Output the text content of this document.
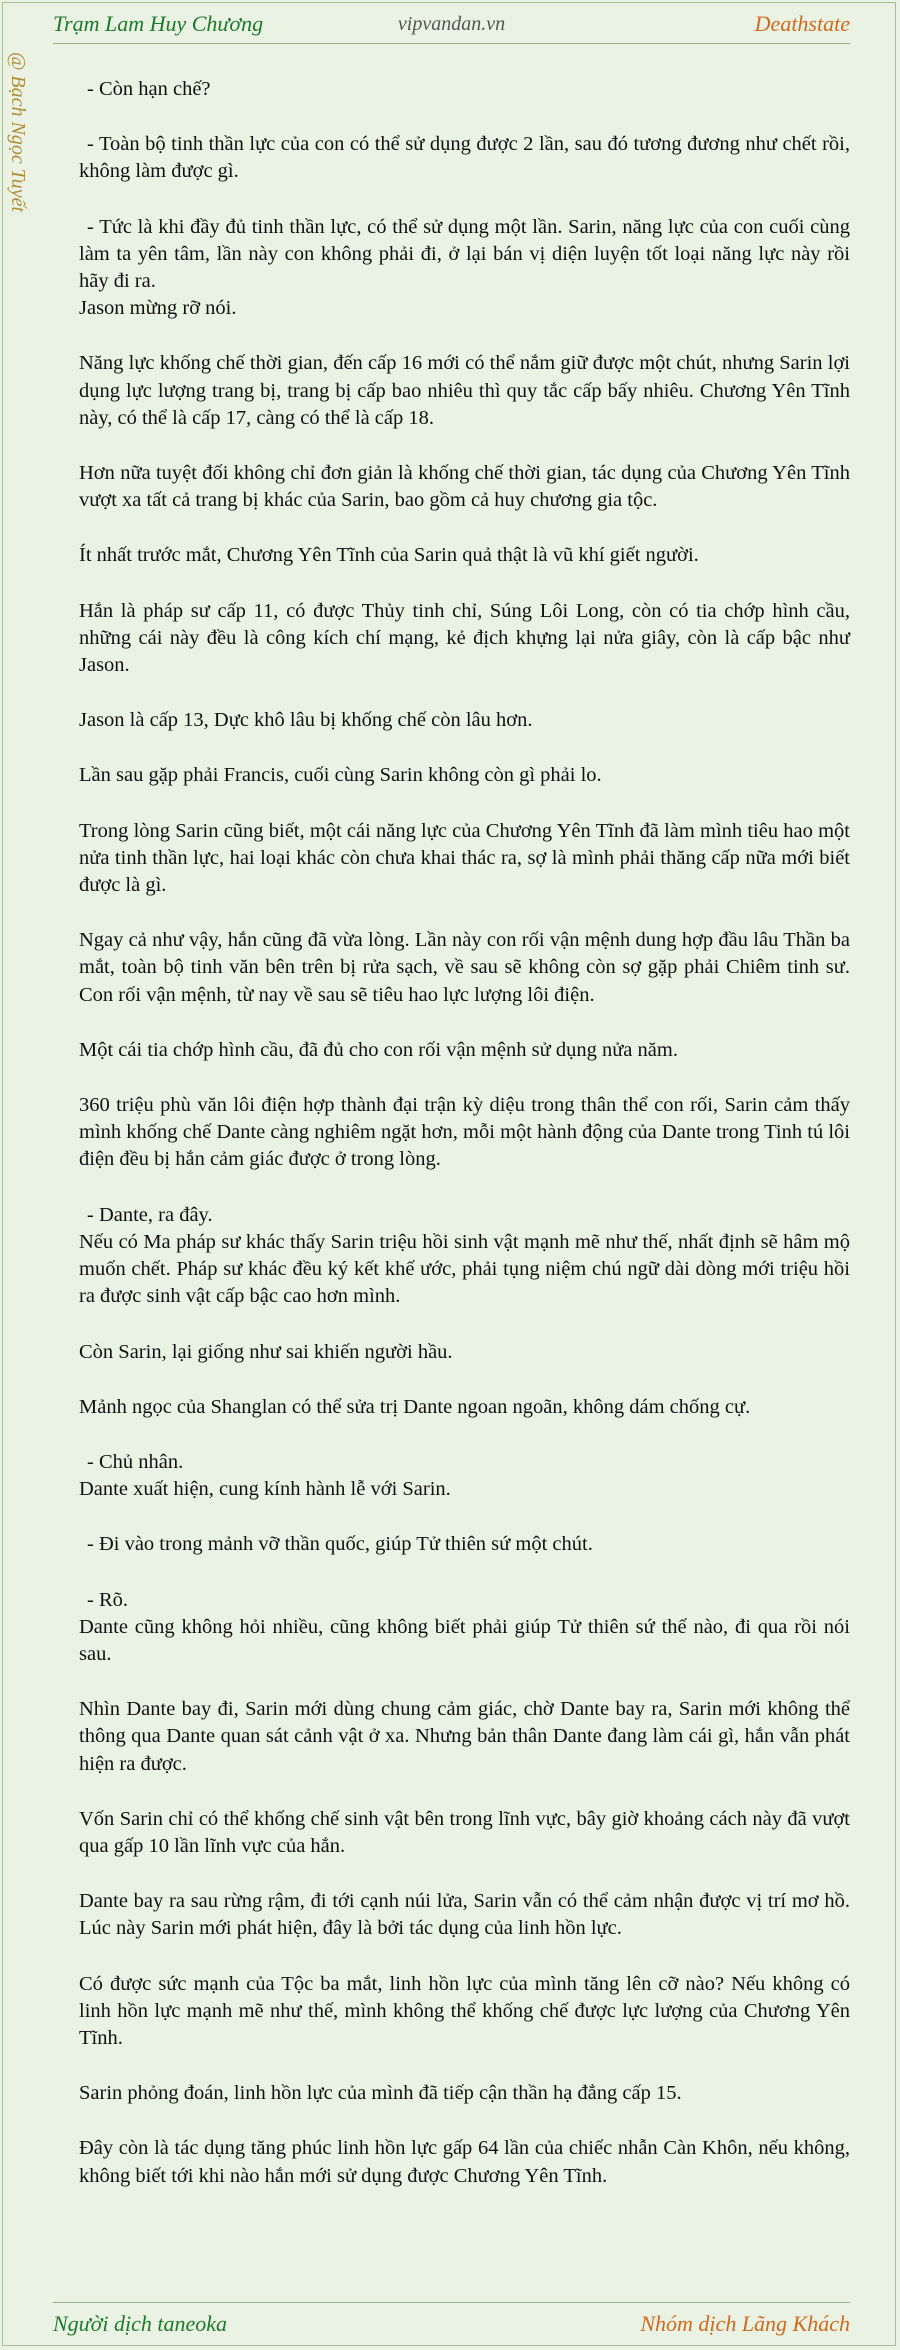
Trạm Lam Huy Chương	vipvandan.vn	Deathstate
@ Bạch Ngọc Tuyết	- Còn hạn chế?

- Toàn bộ tinh thần lực của con có thể sử dụng được 2 lần, sau đó tương đương như chết rồi, không làm được gì.

- Tức là khi đầy đủ tinh thần lực, có thể sử dụng một lần. Sarin, năng lực của con cuối cùng làm ta yên tâm, lần này con không phải đi, ở lại bán vị diện luyện tốt loại năng lực này rồi hãy đi ra.
Jason mừng rỡ nói.

Năng lực khống chế thời gian, đến cấp 16 mới có thể nắm giữ được một chút, nhưng Sarin lợi dụng lực lượng trang bị, trang bị cấp bao nhiêu thì quy tắc cấp bấy nhiêu. Chương Yên Tĩnh này, có thể là cấp 17, càng có thể là cấp 18.

Hơn nữa tuyệt đối không chỉ đơn giản là khống chế thời gian, tác dụng của Chương Yên Tĩnh vượt xa tất cả trang bị khác của Sarin, bao gồm cả huy chương gia tộc.

Ít nhất trước mắt, Chương Yên Tĩnh của Sarin quả thật là vũ khí giết người.

Hắn là pháp sư cấp 11, có được Thủy tinh chỉ, Súng Lôi Long, còn có tia chớp hình cầu, những cái này đều là công kích chí mạng, kẻ địch khựng lại nửa giây, còn là cấp bậc như Jason.

Jason là cấp 13, Dực khô lâu bị khống chế còn lâu hơn.

Lần sau gặp phải Francis, cuối cùng Sarin không còn gì phải lo.

Trong lòng Sarin cũng biết, một cái năng lực của Chương Yên Tĩnh đã làm mình tiêu hao một nửa tinh thần lực, hai loại khác còn chưa khai thác ra, sợ là mình phải thăng cấp nữa mới biết được là gì.

Ngay cả như vậy, hắn cũng đã vừa lòng. Lần này con rối vận mệnh dung hợp đầu lâu Thần ba mắt, toàn bộ tinh văn bên trên bị rửa sạch, về sau sẽ không còn sợ gặp phải Chiêm tinh sư. Con rối vận mệnh, từ nay về sau sẽ tiêu hao lực lượng lôi điện.

Một cái tia chớp hình cầu, đã đủ cho con rối vận mệnh sử dụng nửa năm.

360 triệu phù văn lôi điện hợp thành đại trận kỳ diệu trong thân thể con rối, Sarin cảm thấy mình khống chế Dante càng nghiêm ngặt hơn, mỗi một hành động của Dante trong Tinh tú lôi điện đều bị hắn cảm giác được ở trong lòng.

- Dante, ra đây.
Nếu có Ma pháp sư khác thấy Sarin triệu hồi sinh vật mạnh mẽ như thế, nhất định sẽ hâm mộ muốn chết. Pháp sư khác đều ký kết khế ước, phải tụng niệm chú ngữ dài dòng mới triệu hồi ra được sinh vật cấp bậc cao hơn mình.

Còn Sarin, lại giống như sai khiến người hầu.

Mảnh ngọc của Shanglan có thể sửa trị Dante ngoan ngoãn, không dám chống cự.

- Chủ nhân.
Dante xuất hiện, cung kính hành lễ với Sarin.

- Đi vào trong mảnh vỡ thần quốc, giúp Tử thiên sứ một chút.

- Rõ.
Dante cũng không hỏi nhiều, cũng không biết phải giúp Tử thiên sứ thế nào, đi qua rồi nói sau.

Nhìn Dante bay đi, Sarin mới dùng chung cảm giác, chờ Dante bay ra, Sarin mới không thể thông qua Dante quan sát cảnh vật ở xa. Nhưng bản thân Dante đang làm cái gì, hắn vẫn phát hiện ra được.

Vốn Sarin chỉ có thể khống chế sinh vật bên trong lĩnh vực, bây giờ khoảng cách này đã vượt qua gấp 10 lần lĩnh vực của hắn.

Dante bay ra sau rừng rậm, đi tới cạnh núi lửa, Sarin vẫn có thể cảm nhận được vị trí mơ hồ. Lúc này Sarin mới phát hiện, đây là bởi tác dụng của linh hồn lực.

Có được sức mạnh của Tộc ba mắt, linh hồn lực của mình tăng lên cỡ nào? Nếu không có linh hồn lực mạnh mẽ như thế, mình không thể khống chế được lực lượng của Chương Yên Tĩnh.

Sarin phỏng đoán, linh hồn lực của mình đã tiếp cận thần hạ đẳng cấp 15.

Đây còn là tác dụng tăng phúc linh hồn lực gấp 64 lần của chiếc nhẫn Càn Khôn, nếu không, không biết tới khi nào hắn mới sử dụng được Chương Yên Tĩnh.

Người dịch taneoka	Nhóm dịch Lãng Khách
